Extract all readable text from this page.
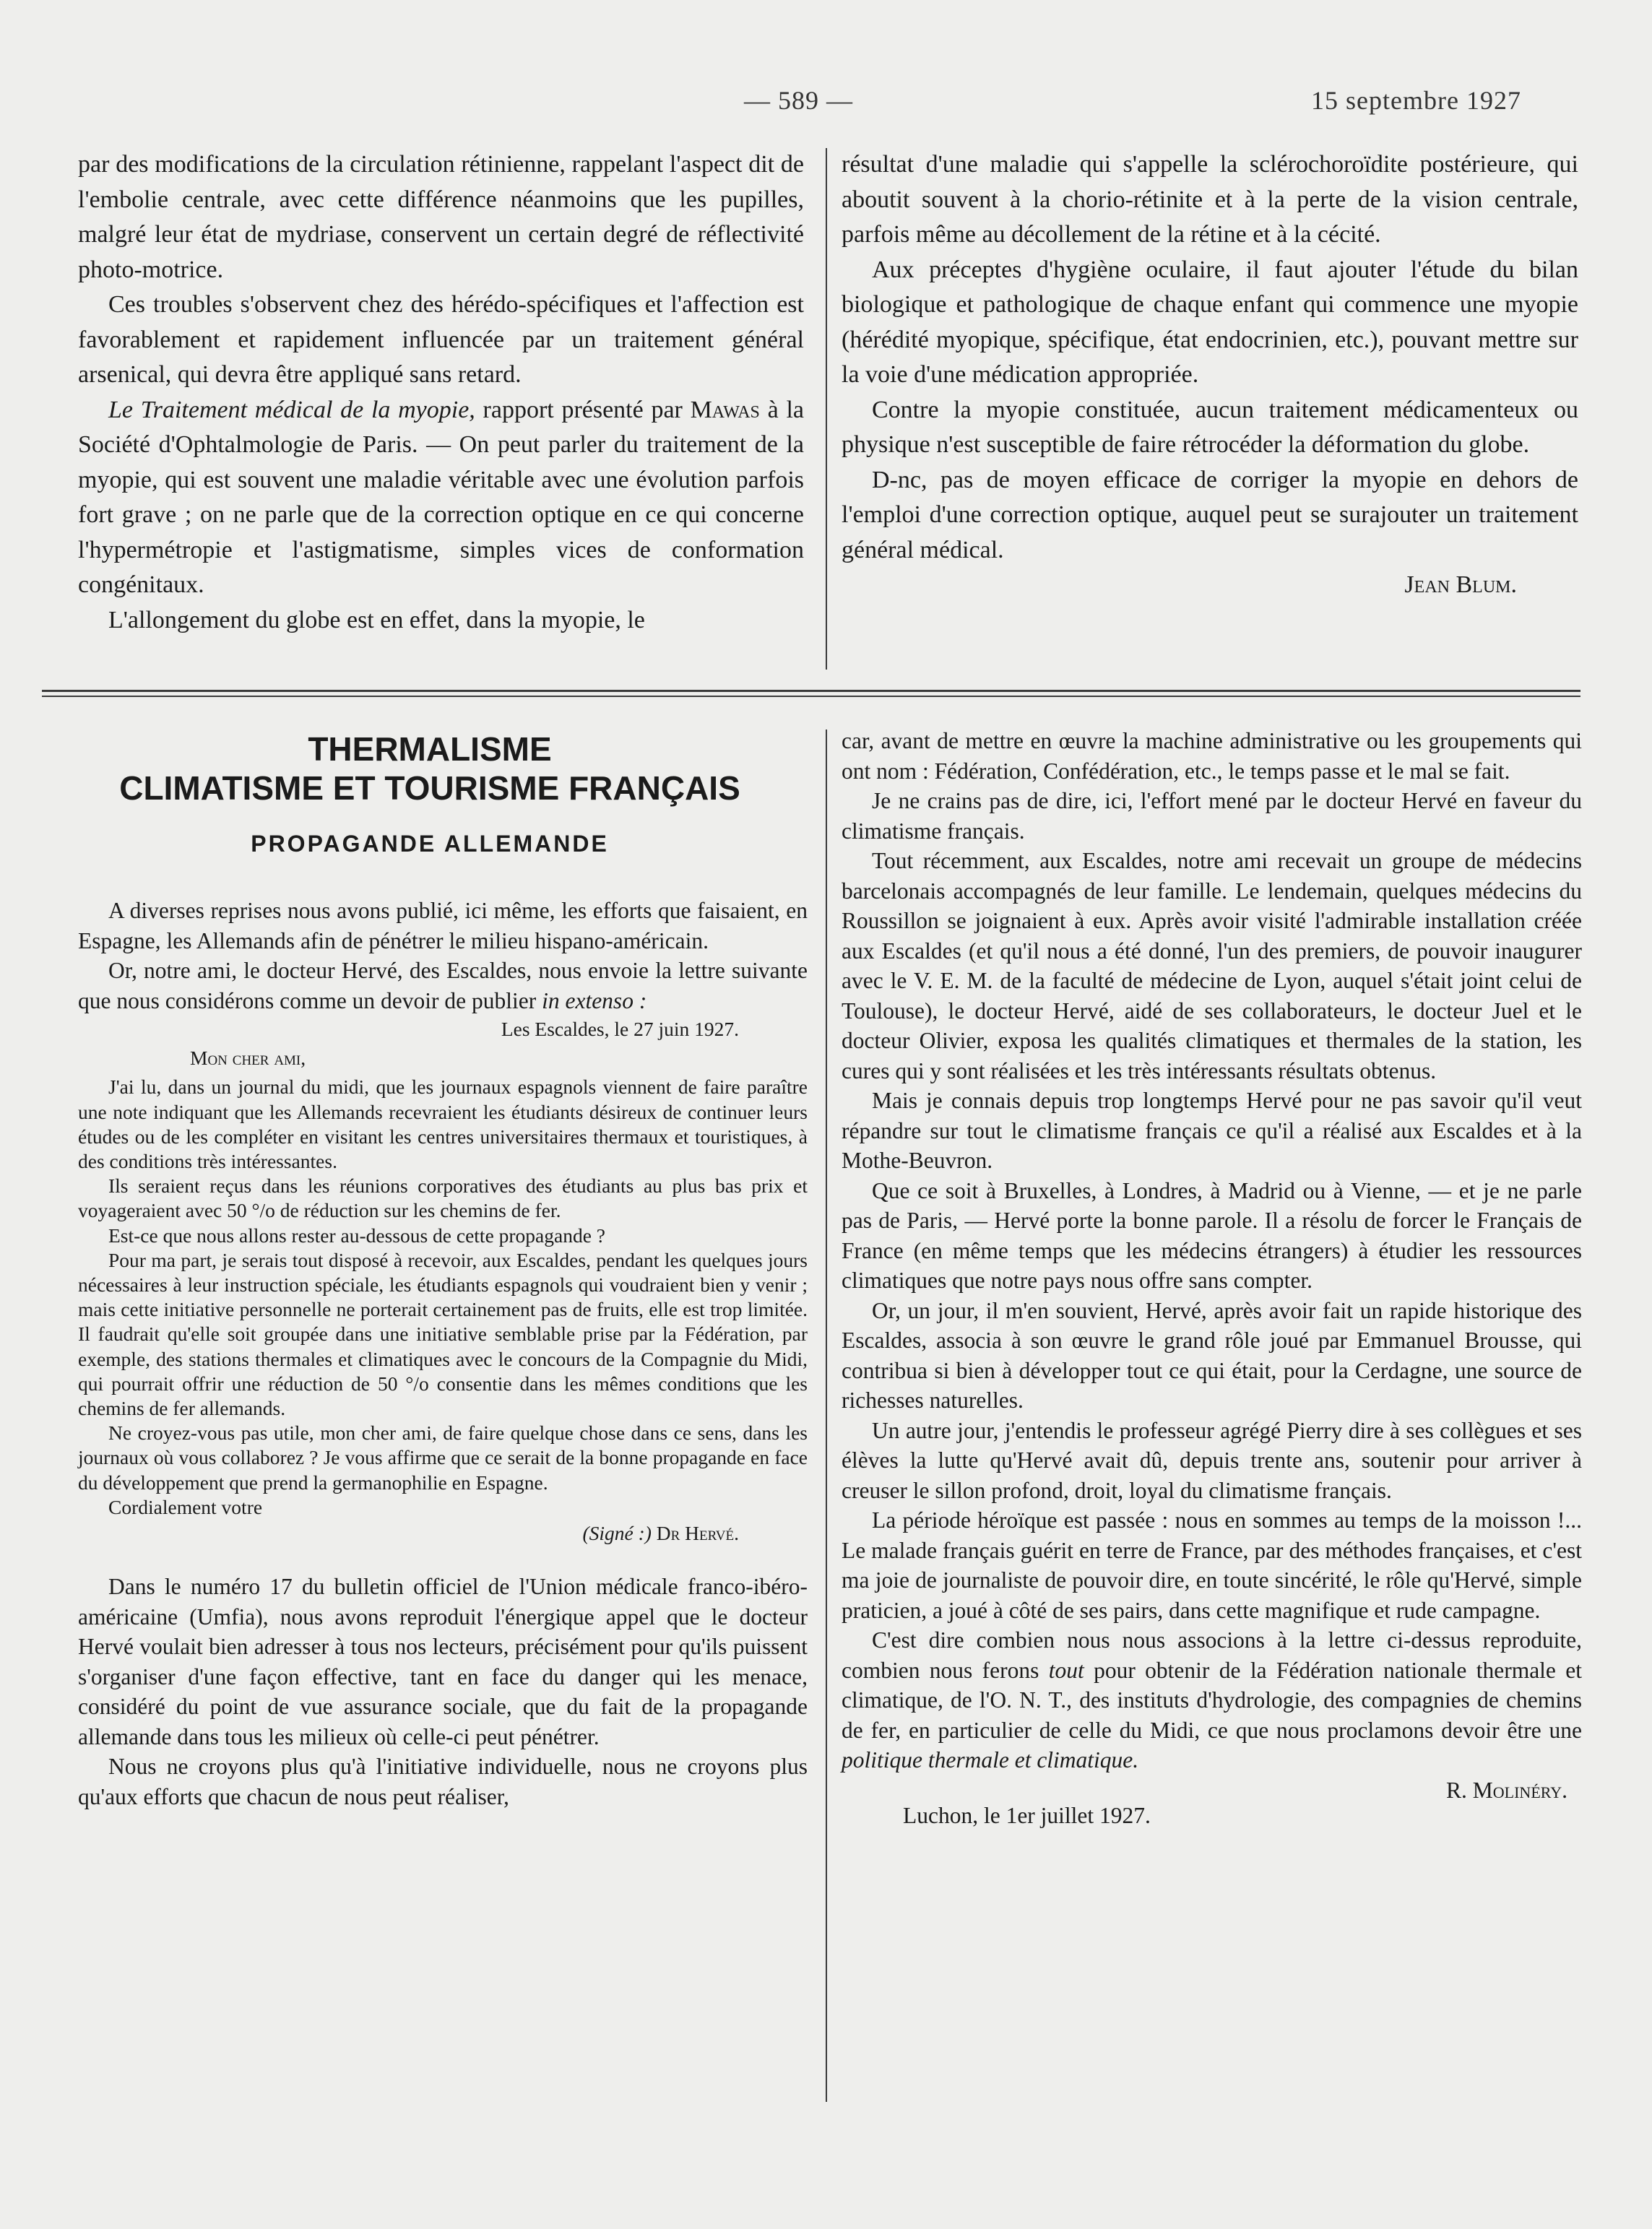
— 589 —	15 septembre 1927

par des modifications de la circulation rétinienne, rappelant l'aspect dit de l'embolie centrale, avec cette différence néanmoins que les pupilles, malgré leur état de mydriase, conservent un certain degré de réflectivité photo-motrice.

Ces troubles s'observent chez des hérédo-spécifiques et l'affection est favorablement et rapidement influencée par un traitement général arsenical, qui devra être appliqué sans retard.

Le Traitement médical de la myopie, rapport présenté par Mawas à la Société d'Ophtalmologie de Paris. — On peut parler du traitement de la myopie, qui est souvent une maladie véritable avec une évolution parfois fort grave ; on ne parle que de la correction optique en ce qui concerne l'hypermétropie et l'astigmatisme, simples vices de conformation congénitaux.

L'allongement du globe est en effet, dans la myopie, le

résultat d'une maladie qui s'appelle la sclérochoroïdite postérieure, qui aboutit souvent à la chorio-rétinite et à la perte de la vision centrale, parfois même au décollement de la rétine et à la cécité.

Aux préceptes d'hygiène oculaire, il faut ajouter l'étude du bilan biologique et pathologique de chaque enfant qui commence une myopie (hérédité myopique, spécifique, état endocrinien, etc.), pouvant mettre sur la voie d'une médication appropriée.

Contre la myopie constituée, aucun traitement médicamenteux ou physique n'est susceptible de faire rétrocéder la déformation du globe.

D-nc, pas de moyen efficace de corriger la myopie en dehors de l'emploi d'une correction optique, auquel peut se surajouter un traitement général médical.

Jean Blum.
THERMALISME
CLIMATISME ET TOURISME FRANÇAIS
PROPAGANDE ALLEMANDE

A diverses reprises nous avons publié, ici même, les efforts que faisaient, en Espagne, les Allemands afin de pénétrer le milieu hispano-américain.

Or, notre ami, le docteur Hervé, des Escaldes, nous envoie la lettre suivante que nous considérons comme un devoir de publier in extenso :

Les Escaldes, le 27 juin 1927.
Mon cher ami,

J'ai lu, dans un journal du midi, que les journaux espagnols viennent de faire paraître une note indiquant que les Allemands recevraient les étudiants désireux de continuer leurs études ou de les compléter en visitant les centres universitaires thermaux et touristiques, à des conditions très intéressantes.

Ils seraient reçus dans les réunions corporatives des étudiants au plus bas prix et voyageraient avec 50 °/o de réduction sur les chemins de fer.

Est-ce que nous allons rester au-dessous de cette propagande ?

Pour ma part, je serais tout disposé à recevoir, aux Escaldes, pendant les quelques jours nécessaires à leur instruction spéciale, les étudiants espagnols qui voudraient bien y venir ; mais cette initiative personnelle ne porterait certainement pas de fruits, elle est trop limitée. Il faudrait qu'elle soit groupée dans une initiative semblable prise par la Fédération, par exemple, des stations thermales et climatiques avec le concours de la Compagnie du Midi, qui pourrait offrir une réduction de 50 °/o consentie dans les mêmes conditions que les chemins de fer allemands.

Ne croyez-vous pas utile, mon cher ami, de faire quelque chose dans ce sens, dans les journaux où vous collaborez ? Je vous affirme que ce serait de la bonne propagande en face du développement que prend la germanophilie en Espagne.

Cordialement votre

(Signé :) Dr Hervé.

Dans le numéro 17 du bulletin officiel de l'Union médicale franco-ibéro-américaine (Umfia), nous avons reproduit l'énergique appel que le docteur Hervé voulait bien adresser à tous nos lecteurs, précisément pour qu'ils puissent s'organiser d'une façon effective, tant en face du danger qui les menace, considéré du point de vue assurance sociale, que du fait de la propagande allemande dans tous les milieux où celle-ci peut pénétrer.

Nous ne croyons plus qu'à l'initiative individuelle, nous ne croyons plus qu'aux efforts que chacun de nous peut réaliser,

car, avant de mettre en œuvre la machine administrative ou les groupements qui ont nom : Fédération, Confédération, etc., le temps passe et le mal se fait.

Je ne crains pas de dire, ici, l'effort mené par le docteur Hervé en faveur du climatisme français.

Tout récemment, aux Escaldes, notre ami recevait un groupe de médecins barcelonais accompagnés de leur famille. Le lendemain, quelques médecins du Roussillon se joignaient à eux. Après avoir visité l'admirable installation créée aux Escaldes (et qu'il nous a été donné, l'un des premiers, de pouvoir inaugurer avec le V. E. M. de la faculté de médecine de Lyon, auquel s'était joint celui de Toulouse), le docteur Hervé, aidé de ses collaborateurs, le docteur Juel et le docteur Olivier, exposa les qualités climatiques et thermales de la station, les cures qui y sont réalisées et les très intéressants résultats obtenus.

Mais je connais depuis trop longtemps Hervé pour ne pas savoir qu'il veut répandre sur tout le climatisme français ce qu'il a réalisé aux Escaldes et à la Mothe-Beuvron.

Que ce soit à Bruxelles, à Londres, à Madrid ou à Vienne, — et je ne parle pas de Paris, — Hervé porte la bonne parole. Il a résolu de forcer le Français de France (en même temps que les médecins étrangers) à étudier les ressources climatiques que notre pays nous offre sans compter.

Or, un jour, il m'en souvient, Hervé, après avoir fait un rapide historique des Escaldes, associa à son œuvre le grand rôle joué par Emmanuel Brousse, qui contribua si bien à développer tout ce qui était, pour la Cerdagne, une source de richesses naturelles.

Un autre jour, j'entendis le professeur agrégé Pierry dire à ses collègues et ses élèves la lutte qu'Hervé avait dû, depuis trente ans, soutenir pour arriver à creuser le sillon profond, droit, loyal du climatisme français.

La période héroïque est passée : nous en sommes au temps de la moisson !... Le malade français guérit en terre de France, par des méthodes françaises, et c'est ma joie de journaliste de pouvoir dire, en toute sincérité, le rôle qu'Hervé, simple praticien, a joué à côté de ses pairs, dans cette magnifique et rude campagne.

C'est dire combien nous nous associons à la lettre ci-dessus reproduite, combien nous ferons tout pour obtenir de la Fédération nationale thermale et climatique, de l'O. N. T., des instituts d'hydrologie, des compagnies de chemins de fer, en particulier de celle du Midi, ce que nous proclamons devoir être une politique thermale et climatique.

R. Molinéry.
Luchon, le 1er juillet 1927.
